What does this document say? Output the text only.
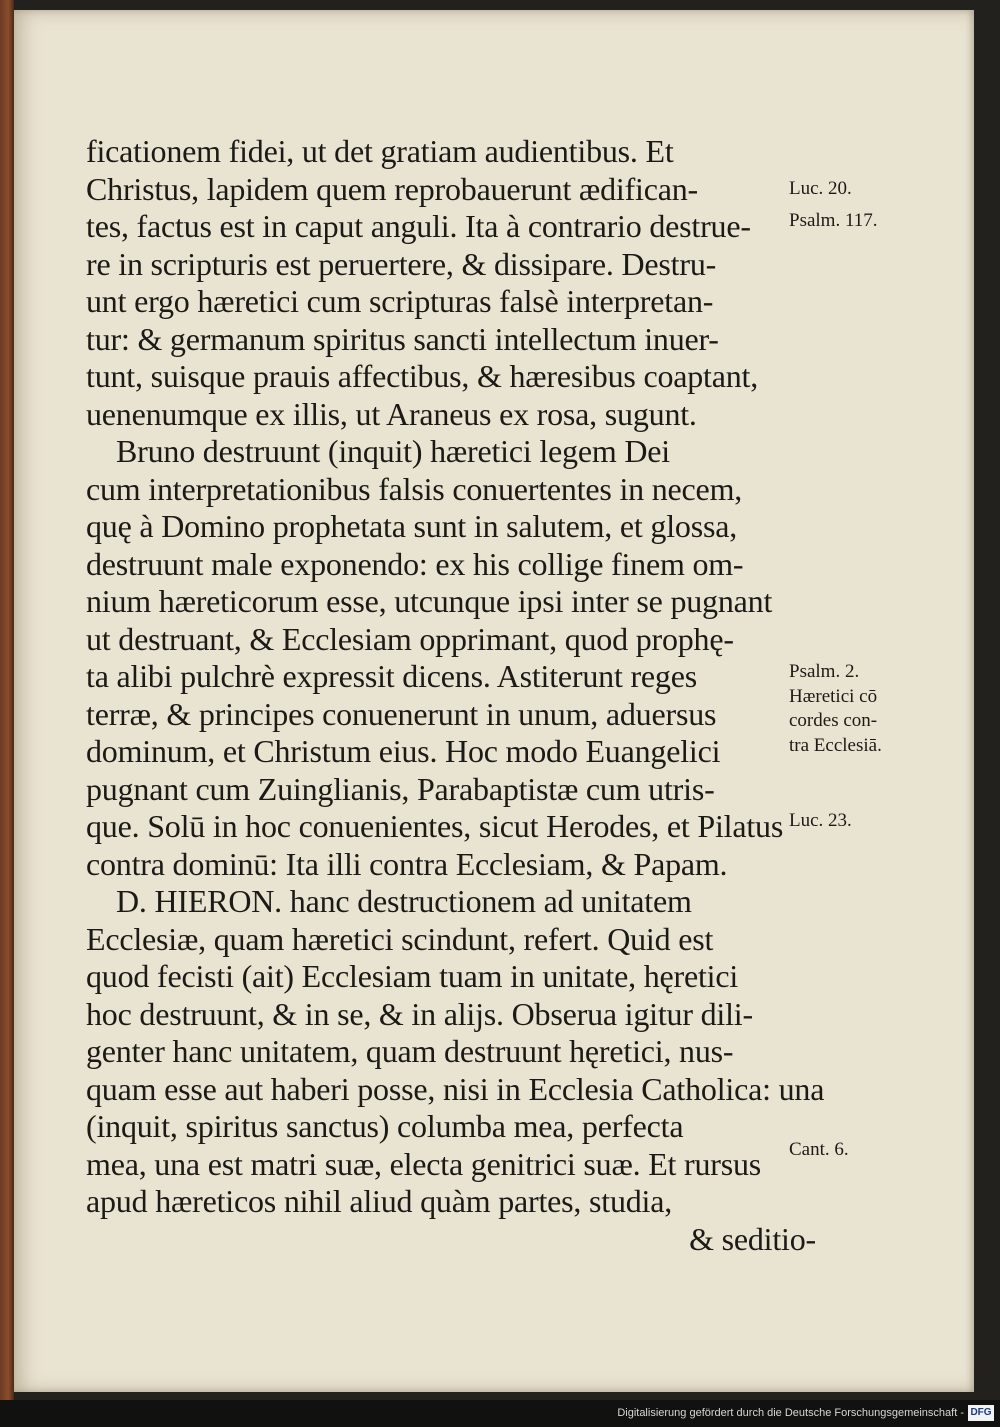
ficationem fidei, ut det gratiam audientibus. Et
Christus, lapidem quem reprobauerunt ædifican-
tes, factus est in caput anguli. Ita à contrario destrue-
re in scripturis est peruertere, & dissipare. Destru-
unt ergo hæretici cum scripturas falsè interpretan-
tur: & germanum spiritus sancti intellectum inuer-
tunt, suisque prauis affectibus, & hæresibus coaptant,
uenenumque ex illis, ut Araneus ex rosa, sugunt.
Bruno destruunt (inquit) hæretici legem Dei
cum interpretationibus falsis conuertentes in necem,
quę à Domino prophetata sunt in salutem, et glossa,
destruunt male exponendo: ex his collige finem om-
nium hæreticorum esse, utcunque ipsi inter se pugnant
ut destruant, & Ecclesiam opprimant, quod prophę-
ta alibi pulchrè expressit dicens. Astiterunt reges
terræ, & principes conuenerunt in unum, aduersus
dominum, et Christum eius. Hoc modo Euangelici
pugnant cum Zuinglianis, Parabaptistæ cum utris-
que. Solū in hoc conuenientes, sicut Herodes, et Pilatus
contra dominū: Ita illi contra Ecclesiam, & Papam.
D. HIERON. hanc destructionem ad unitatem
Ecclesiæ, quam hæretici scindunt, refert. Quid est
quod fecisti (ait) Ecclesiam tuam in unitate, hęretici
hoc destruunt, & in se, & in alijs. Obserua igitur dili-
genter hanc unitatem, quam destruunt hęretici, nus-
quam esse aut haberi posse, nisi in Ecclesia Catholica: una
(inquit, spiritus sanctus) columba mea, perfecta
mea, una est matri suæ, electa genitrici suæ. Et rursus
apud hæreticos nihil aliud quàm partes, studia,
& seditio-
Luc. 20.
Psalm. 117.
Psalm. 2.
Hæretici cō
cordes con-
tra Ecclesiā.
Luc. 23.
Cant. 6.
Digitalisierung gefördert durch die Deutsche Forschungsgemeinschaft - DFG
